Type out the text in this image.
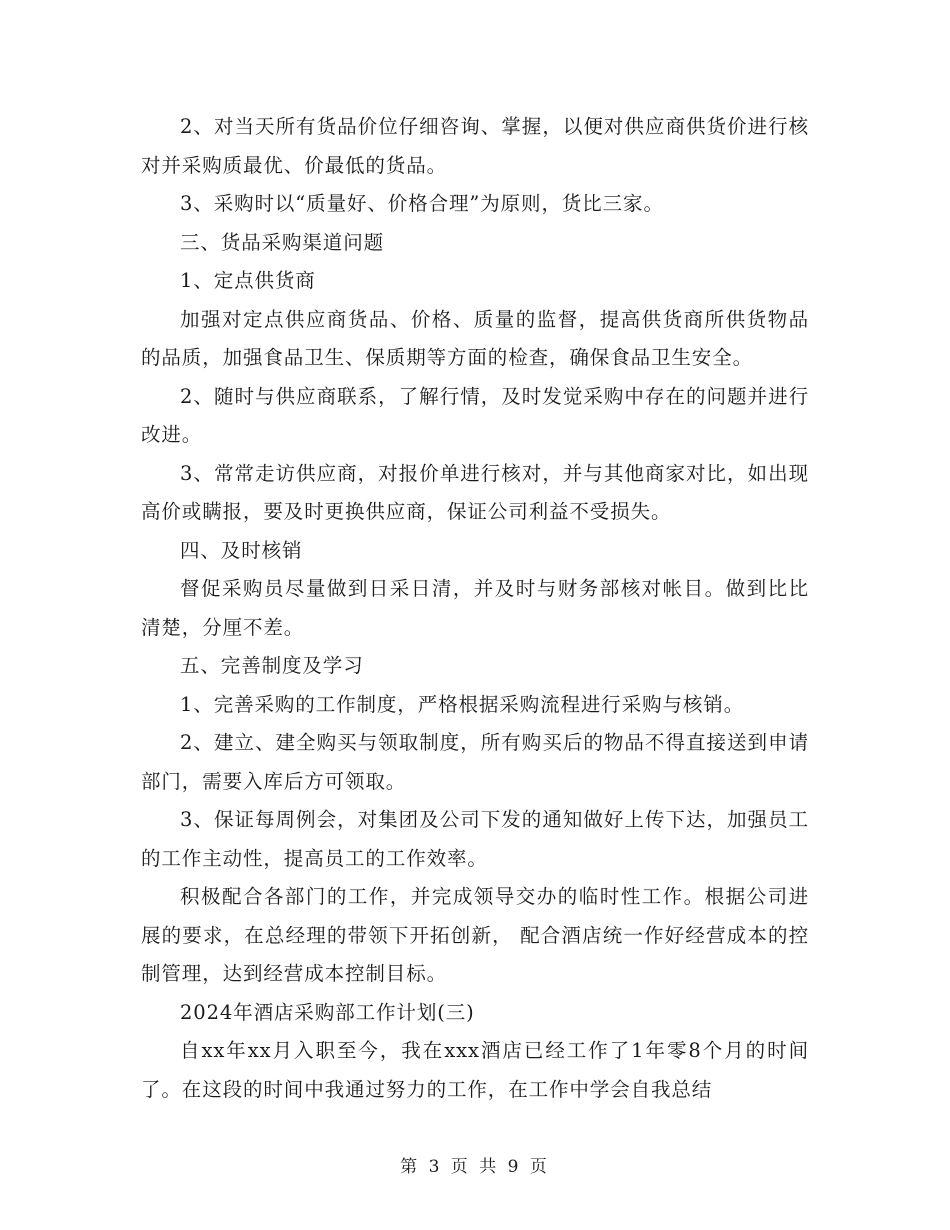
2、对当天所有货品价位仔细咨询、掌握，以便对供应商供货价进行核对并采购质最优、价最低的货品。

3、采购时以“质量好、价格合理”为原则，货比三家。

三、货品采购渠道问题

1、定点供货商

加强对定点供应商货品、价格、质量的监督，提高供货商所供货物品的品质，加强食品卫生、保质期等方面的检查，确保食品卫生安全。

2、随时与供应商联系，了解行情，及时发觉采购中存在的问题并进行改进。

3、常常走访供应商，对报价单进行核对，并与其他商家对比，如出现高价或瞒报，要及时更换供应商，保证公司利益不受损失。

四、及时核销

督促采购员尽量做到日采日清，并及时与财务部核对帐目。做到比比清楚，分厘不差。

五、完善制度及学习

1、完善采购的工作制度，严格根据采购流程进行采购与核销。

2、建立、建全购买与领取制度，所有购买后的物品不得直接送到申请部门，需要入库后方可领取。

3、保证每周例会，对集团及公司下发的通知做好上传下达，加强员工的工作主动性，提高员工的工作效率。

积极配合各部门的工作，并完成领导交办的临时性工作。根据公司进展的要求，在总经理的带领下开拓创新， 配合酒店统一作好经营成本的控制管理，达到经营成本控制目标。

2024年酒店采购部工作计划(三)

自xx年xx月入职至今，我在xxx酒店已经工作了1年零8个月的时间了。在这段的时间中我通过努力的工作，在工作中学会自我总结

第 3 页 共 9 页
